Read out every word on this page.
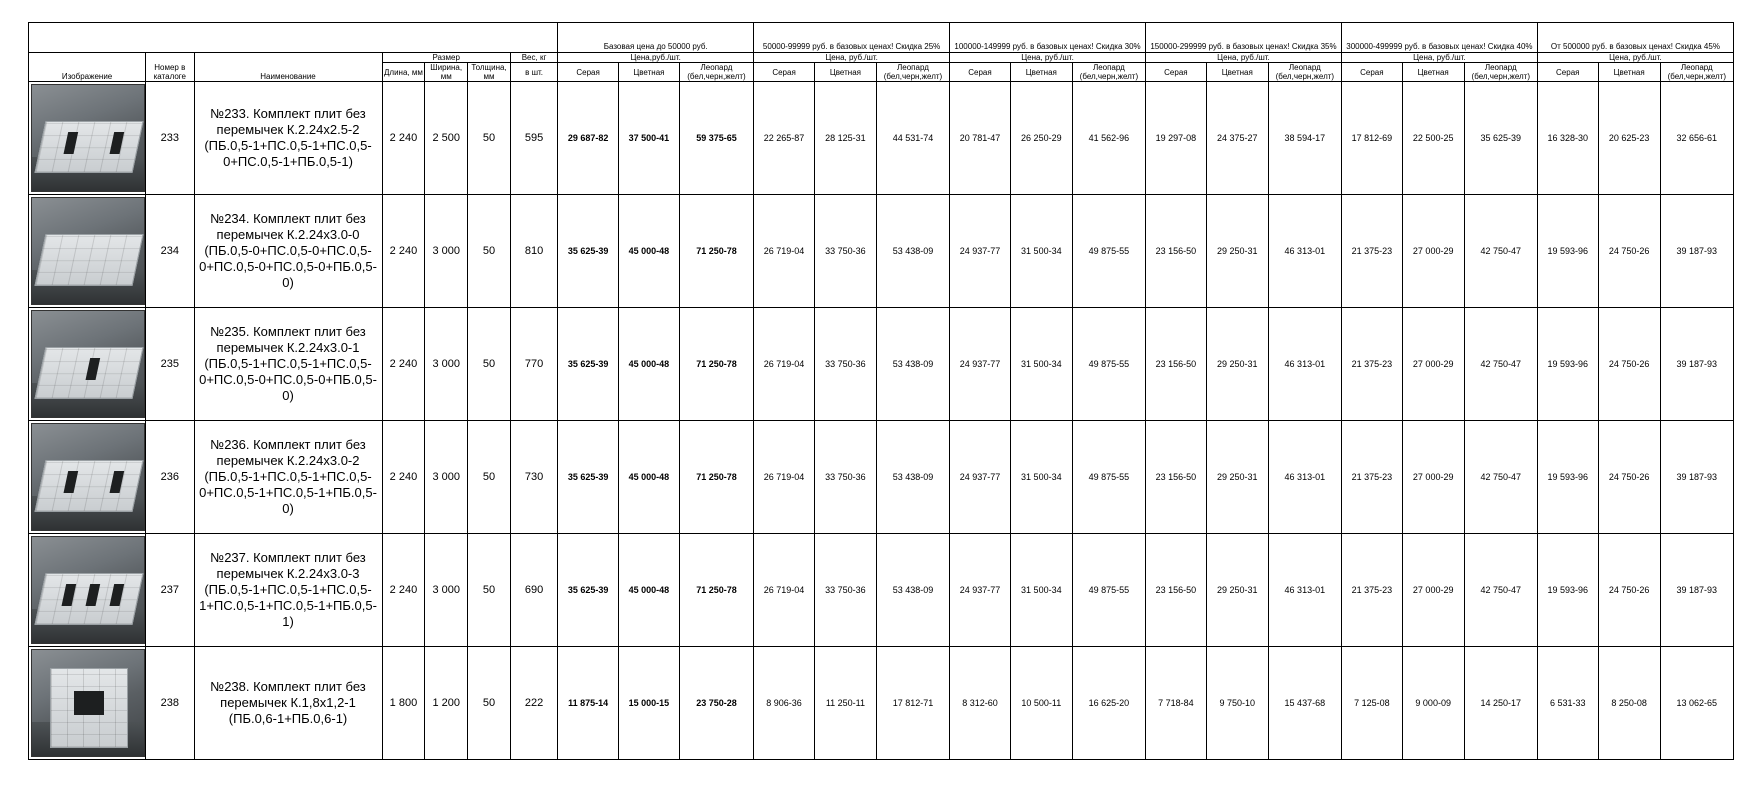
							Базовая цена до 50000 руб.			50000-99999 руб. в базовых ценах! Скидка 25%			100000-149999 руб. в базовых ценах! Скидка 30%			150000-299999 руб. в базовых ценах! Скидка 35%			300000-499999 руб. в базовых ценах! Скидка 40%			От 500000 руб. в базовых ценах! Скидка 45%		
Изображение	Номер в каталоге	Наименование	Размер			Вес, кг	Цена,руб./шт.			Цена, руб./шт.			Цена, руб./шт.			Цена, руб./шт.			Цена, руб./шт.			Цена, руб./шт.		
			Длина, мм	Ширина, мм	Толщина, мм	в шт.	Серая	Цветная	Леопард (бел,черн,желт)	Серая	Цветная	Леопард (бел,черн,желт)	Серая	Цветная	Леопард (бел,черн,желт)	Серая	Цветная	Леопард (бел,черн,желт)	Серая	Цветная	Леопард (бел,черн,желт)	Серая	Цветная	Леопард (бел,черн,желт)

	233	№233. Комплект плит без перемычек К.2.24х2.5-2 (ПБ.0,5-1+ПС.0,5-1+ПС.0,5-0+ПС.0,5-1+ПБ.0,5-1)	2 240	2 500	50	595	29 687-82	37 500-41	59 375-65	22 265-87	28 125-31	44 531-74	20 781-47	26 250-29	41 562-96	19 297-08	24 375-27	38 594-17	17 812-69	22 500-25	35 625-39	16 328-30	20 625-23	32 656-61

	234	№234. Комплект плит без перемычек К.2.24х3.0-0 (ПБ.0,5-0+ПС.0,5-0+ПС.0,5-0+ПС.0,5-0+ПС.0,5-0+ПБ.0,5-0)	2 240	3 000	50	810	35 625-39	45 000-48	71 250-78	26 719-04	33 750-36	53 438-09	24 937-77	31 500-34	49 875-55	23 156-50	29 250-31	46 313-01	21 375-23	27 000-29	42 750-47	19 593-96	24 750-26	39 187-93

	235	№235. Комплект плит без перемычек К.2.24х3.0-1 (ПБ.0,5-1+ПС.0,5-1+ПС.0,5-0+ПС.0,5-0+ПС.0,5-0+ПБ.0,5-0)	2 240	3 000	50	770	35 625-39	45 000-48	71 250-78	26 719-04	33 750-36	53 438-09	24 937-77	31 500-34	49 875-55	23 156-50	29 250-31	46 313-01	21 375-23	27 000-29	42 750-47	19 593-96	24 750-26	39 187-93

	236	№236. Комплект плит без перемычек К.2.24х3.0-2 (ПБ.0,5-1+ПС.0,5-1+ПС.0,5-0+ПС.0,5-1+ПС.0,5-1+ПБ.0,5-0)	2 240	3 000	50	730	35 625-39	45 000-48	71 250-78	26 719-04	33 750-36	53 438-09	24 937-77	31 500-34	49 875-55	23 156-50	29 250-31	46 313-01	21 375-23	27 000-29	42 750-47	19 593-96	24 750-26	39 187-93

	237	№237. Комплект плит без перемычек К.2.24х3.0-3 (ПБ.0,5-1+ПС.0,5-1+ПС.0,5-1+ПС.0,5-1+ПС.0,5-1+ПБ.0,5-1)	2 240	3 000	50	690	35 625-39	45 000-48	71 250-78	26 719-04	33 750-36	53 438-09	24 937-77	31 500-34	49 875-55	23 156-50	29 250-31	46 313-01	21 375-23	27 000-29	42 750-47	19 593-96	24 750-26	39 187-93

	238	№238. Комплект плит без перемычек К.1,8х1,2-1 (ПБ.0,6-1+ПБ.0,6-1)	1 800	1 200	50	222	11 875-14	15 000-15	23 750-28	8 906-36	11 250-11	17 812-71	8 312-60	10 500-11	16 625-20	7 718-84	9 750-10	15 437-68	7 125-08	9 000-09	14 250-17	6 531-33	8 250-08	13 062-65
